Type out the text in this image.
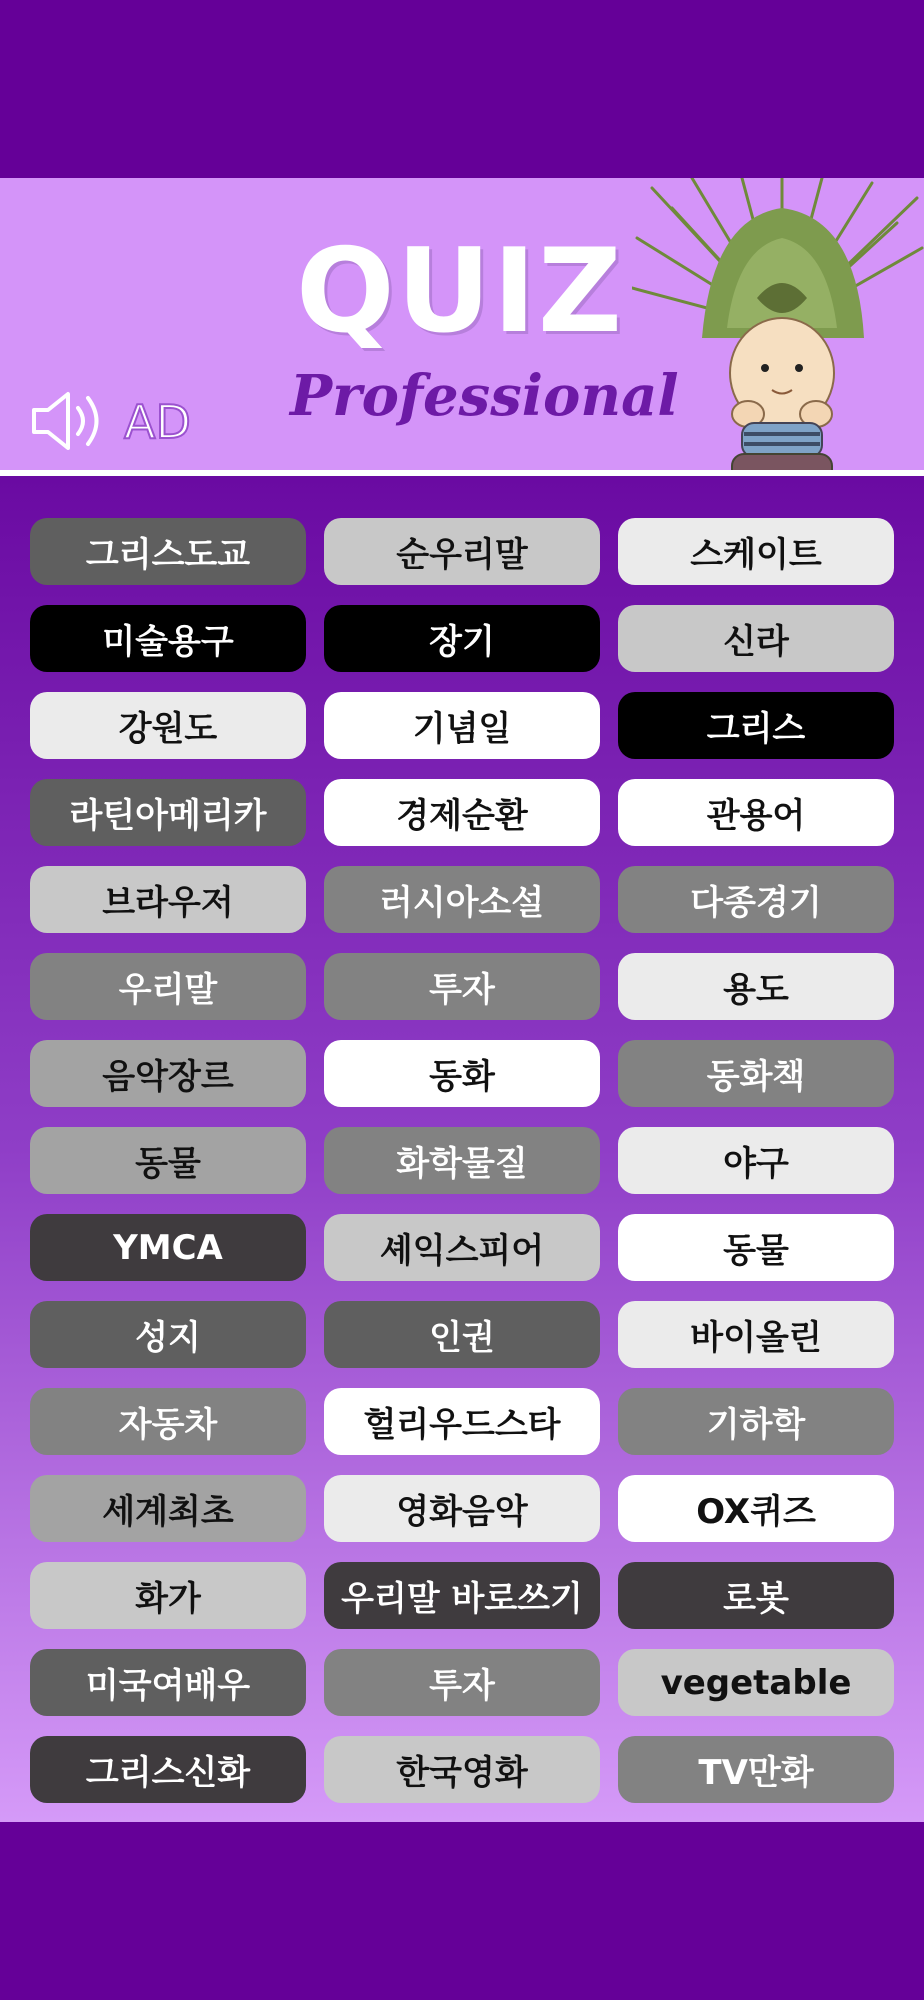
QUIZ
Professional
AD
그리스도교	순우리말	스케이트
미술용구	장기	신라
강원도	기념일	그리스
라틴아메리카	경제순환	관용어
브라우저	러시아소설	다종경기
우리말	투자	용도
음악장르	동화	동화책
동물	화학물질	야구
YMCA	셰익스피어	동물
성지	인권	바이올린
자동차	헐리우드스타	기하학
세계최초	영화음악	OX퀴즈
화가	우리말 바로쓰기	로봇
미국여배우	투자	vegetable
그리스신화	한국영화	TV만화
